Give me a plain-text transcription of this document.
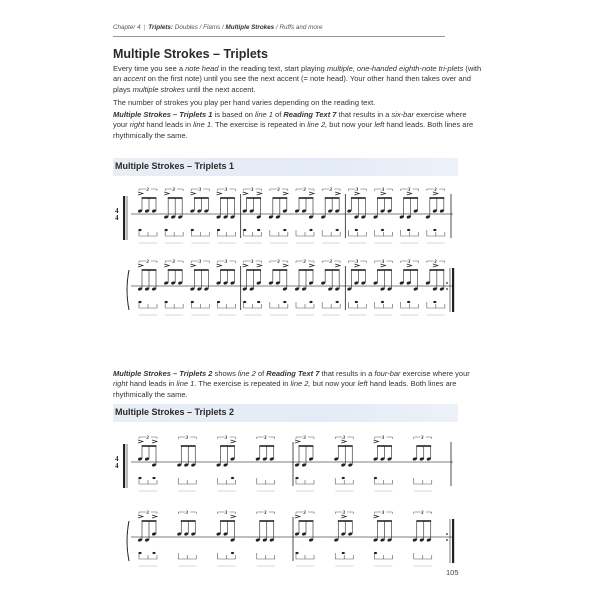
Chapter 4 | Triplets: Doubles / Flams / Multiple Strokes / Ruffs and more
Multiple Strokes – Triplets
Every time you see a note head in the reading text, start playing multiple, one-handed eighth-note tri-plets (with an accent on the first note) until you see the next accent (= note head). Your other hand then takes over and plays multiple strokes until the next accent.
The number of strokes you play per hand varies depending on the reading text.
Multiple Strokes – Triplets 1 is based on line 1 of Reading Text 7 that results in a six-bar exercise where your right hand leads in line 1. The exercise is repeated in line 2, but now your left hand leads. Both lines are rhythmically the same.
Multiple Strokes – Triplets 1
4
4
3	3	3	3	3	3	3	3	3	3	3	3
3	3	3	3	3	3	3	3	3	3	3	3
Multiple Strokes – Triplets 2 shows line 2 of Reading Text 7 that results in a four-bar exercise where your right hand leads in line 1. The exercise is repeated in line 2, but now your left hand leads. Both lines are rhythmically the same.
Multiple Strokes – Triplets 2
4
4
3	3	3	3	3	3	3	3
3	3	3	3	3	3	3	3
105
